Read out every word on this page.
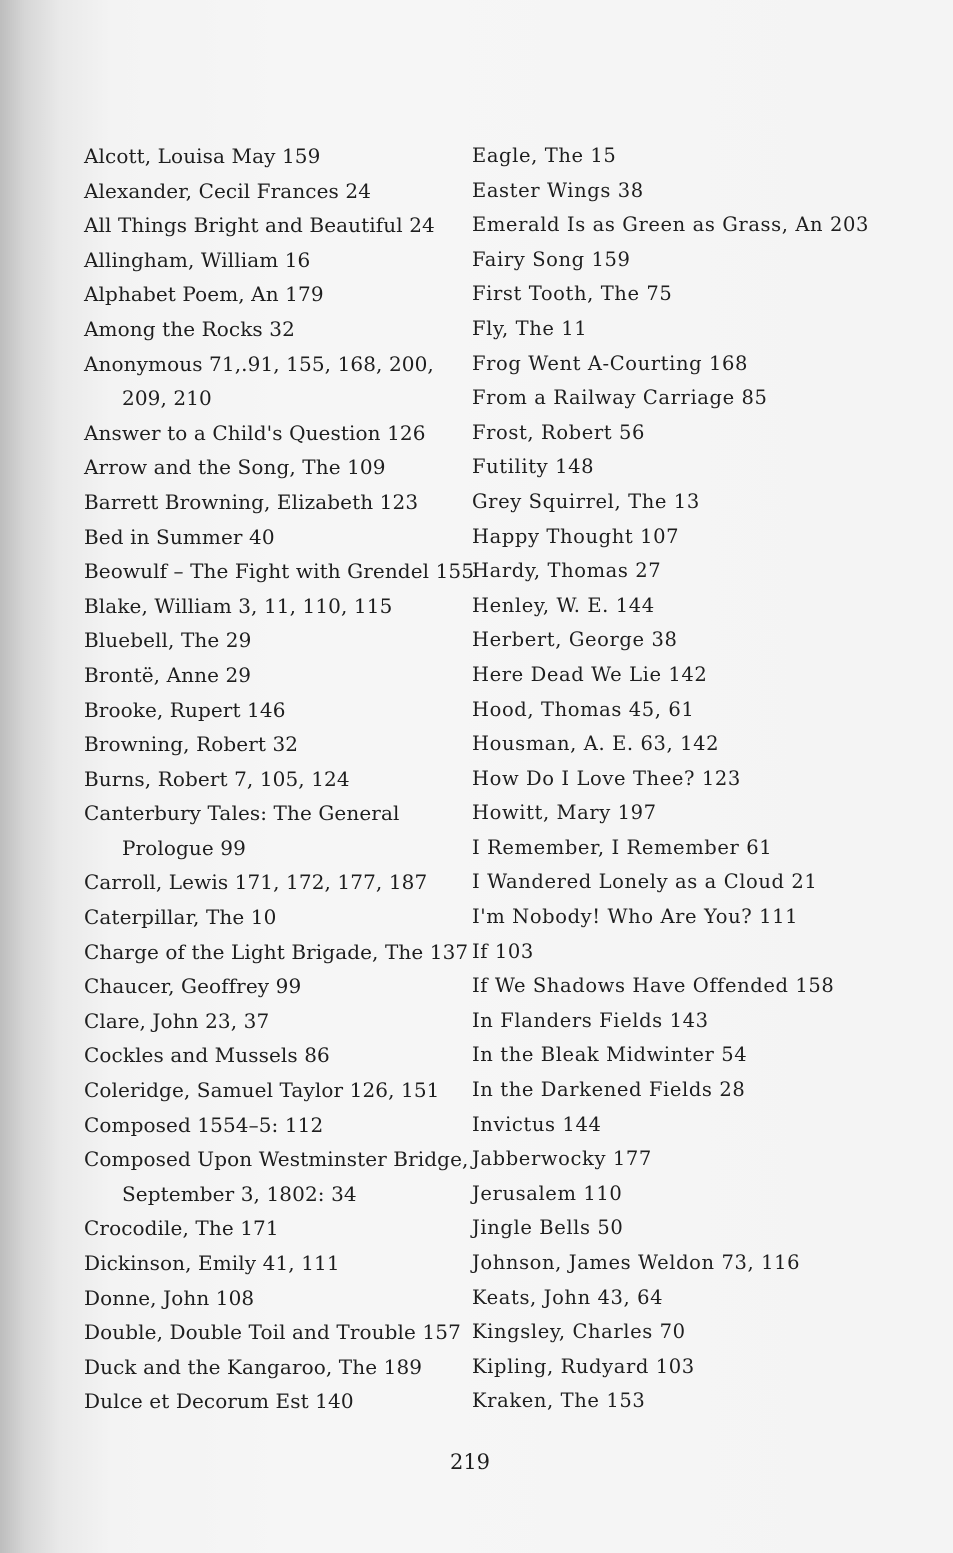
Alcott, Louisa May 159
Alexander, Cecil Frances 24
All Things Bright and Beautiful 24
Allingham, William 16
Alphabet Poem, An 179
Among the Rocks 32
Anonymous 71,.91, 155, 168, 200,
209, 210
Answer to a Child's Question 126
Arrow and the Song, The 109
Barrett Browning, Elizabeth 123
Bed in Summer 40
Beowulf – The Fight with Grendel 155
Blake, William 3, 11, 110, 115
Bluebell, The 29
Brontë, Anne 29
Brooke, Rupert 146
Browning, Robert 32
Burns, Robert 7, 105, 124
Canterbury Tales: The General
Prologue 99
Carroll, Lewis 171, 172, 177, 187
Caterpillar, The 10
Charge of the Light Brigade, The 137
Chaucer, Geoffrey 99
Clare, John 23, 37
Cockles and Mussels 86
Coleridge, Samuel Taylor 126, 151
Composed 1554–5: 112
Composed Upon Westminster Bridge,
September 3, 1802: 34
Crocodile, The 171
Dickinson, Emily 41, 111
Donne, John 108
Double, Double Toil and Trouble 157
Duck and the Kangaroo, The 189
Dulce et Decorum Est 140
Eagle, The 15
Easter Wings 38
Emerald Is as Green as Grass, An 203
Fairy Song 159
First Tooth, The 75
Fly, The 11
Frog Went A-Courting 168
From a Railway Carriage 85
Frost, Robert 56
Futility 148
Grey Squirrel, The 13
Happy Thought 107
Hardy, Thomas 27
Henley, W. E. 144
Herbert, George 38
Here Dead We Lie 142
Hood, Thomas 45, 61
Housman, A. E. 63, 142
How Do I Love Thee? 123
Howitt, Mary 197
I Remember, I Remember 61
I Wandered Lonely as a Cloud 21
I'm Nobody! Who Are You? 111
If 103
If We Shadows Have Offended 158
In Flanders Fields 143
In the Bleak Midwinter 54
In the Darkened Fields 28
Invictus 144
Jabberwocky 177
Jerusalem 110
Jingle Bells 50
Johnson, James Weldon 73, 116
Keats, John 43, 64
Kingsley, Charles 70
Kipling, Rudyard 103
Kraken, The 153
219
